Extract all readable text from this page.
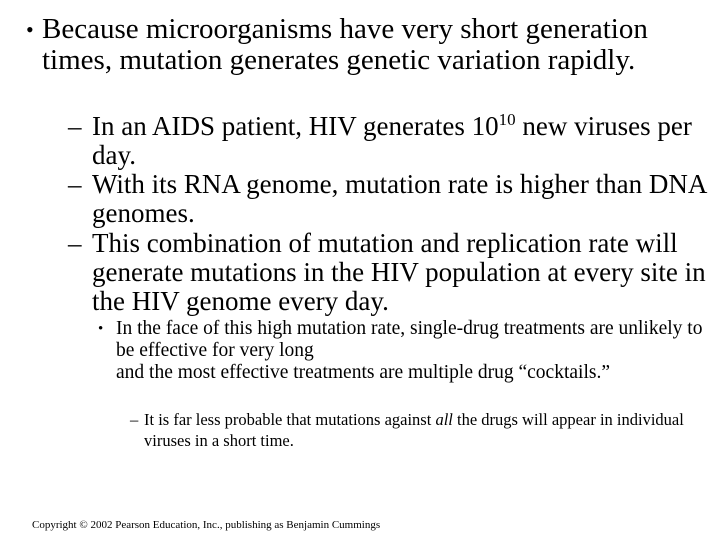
• Because microorganisms have very short generation times, mutation generates genetic variation rapidly.
– In an AIDS patient, HIV generates $10^{10}$ new viruses per day.
– With its RNA genome, mutation rate is higher than DNA genomes.
– This combination of mutation and replication rate will generate mutations in the HIV population at every site in the HIV genome every day.
• In the face of this high mutation rate, single-drug treatments are unlikely to be effective for very long
and the most effective treatments are multiple drug “cocktails.”
– It is far less probable that mutations against all the drugs will appear in individual viruses in a short time.
Copyright © 2002 Pearson Education, Inc., publishing as Benjamin Cummings
